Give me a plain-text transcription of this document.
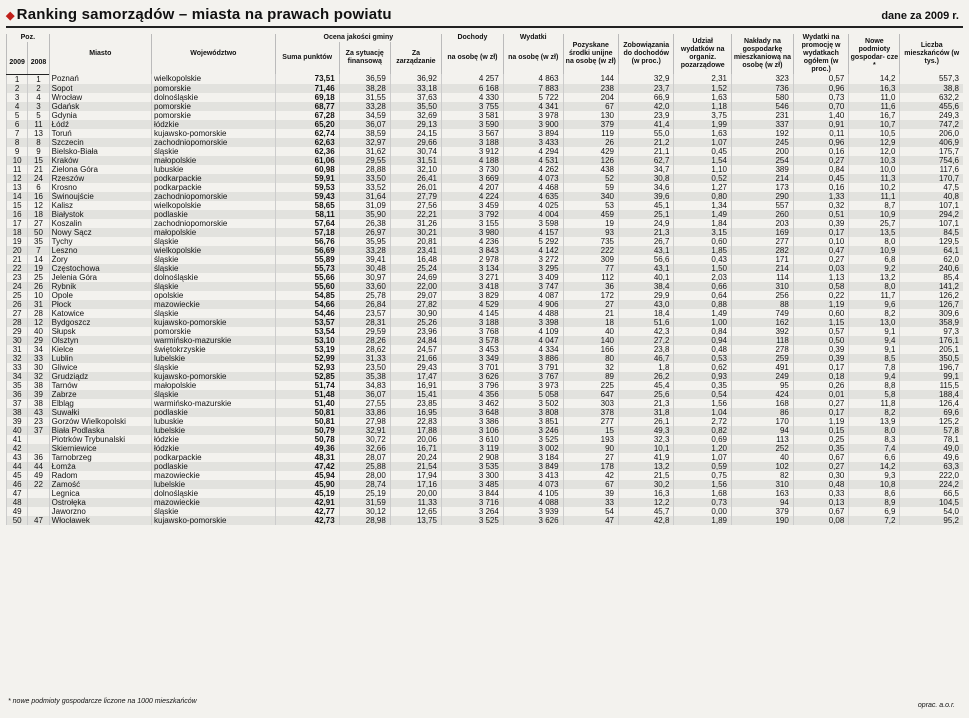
◆ Ranking samorządów – miasta na prawach powiatu	dane za 2009 r.
Poz.		Miasto	Województwo	Ocena jakości gminy			Dochody	Wydatki	Pozyskane środki unijne na osobę (w zł)	Zobowiązania do dochodów (w proc.)	Udział wydatków na organiz. pozarządowe	Nakłady na gospodarkę mieszkaniową na osobę (w zł)	Wydatki na promocję w wydatkach ogółem (w proc.)	Nowe podmioty gospodar- cze *	Liczba mieszkańców (w tys.)
				Suma punktów	Za sytuację finansową	Za zarządzanie	na osobę (w zł)	na osobę (w zł)							
2009	2008														
1	1	Poznań	wielkopolskie	73,51	36,59	36,92	4 257	4 863	144	32,9	2,31	323	0,57	14,2	557,3
2	2	Sopot	pomorskie	71,46	38,28	33,18	6 168	7 883	238	23,7	1,52	736	0,96	16,3	38,8
3	4	Wrocław	dolnośląskie	69,18	31,55	37,63	4 330	5 722	204	66,9	1,63	580	0,73	11,0	632,2
4	3	Gdańsk	pomorskie	68,77	33,28	35,50	3 755	4 341	67	42,0	1,18	546	0,70	11,6	455,6
5	5	Gdynia	pomorskie	67,28	34,59	32,69	3 581	3 978	130	23,9	3,75	231	1,40	16,7	249,3
6	11	Łódź	łódzkie	65,20	36,07	29,13	3 590	3 900	379	41,4	1,99	337	0,91	10,7	747,2
7	13	Toruń	kujawsko-pomorskie	62,74	38,59	24,15	3 567	3 894	119	55,0	1,63	192	0,11	10,5	206,0
8	8	Szczecin	zachodniopomorskie	62,63	32,97	29,66	3 188	3 433	26	21,2	1,07	245	0,96	12,9	406,9
9	9	Bielsko-Biała	śląskie	62,36	31,62	30,74	3 912	4 294	429	21,1	0,45	200	0,16	12,0	175,7
10	15	Kraków	małopolskie	61,06	29,55	31,51	4 188	4 531	126	62,7	1,54	254	0,27	10,3	754,6
11	21	Zielona Góra	lubuskie	60,98	28,88	32,10	3 730	4 262	438	34,7	1,10	389	0,84	10,0	117,6
12	24	Rzeszów	podkarpackie	59,91	33,50	26,41	3 669	4 073	52	30,8	0,52	214	0,45	11,3	170,7
13	6	Krosno	podkarpackie	59,53	33,52	26,01	4 207	4 468	59	34,6	1,27	173	0,16	10,2	47,5
14	16	Świnoujście	zachodniopomorskie	59,43	31,64	27,79	4 224	4 635	340	39,6	0,80	290	1,33	11,1	40,8
15	12	Kalisz	wielkopolskie	58,65	31,09	27,56	3 459	4 025	53	45,1	1,34	557	0,32	8,7	107,1
16	18	Białystok	podlaskie	58,11	35,90	22,21	3 792	4 004	459	25,1	1,49	260	0,51	10,9	294,2
17	27	Koszalin	zachodniopomorskie	57,64	26,38	31,26	3 155	3 598	19	24,9	1,84	203	0,39	25,7	107,1
18	50	Nowy Sącz	małopolskie	57,18	26,97	30,21	3 980	4 157	93	21,3	3,15	169	0,17	13,5	84,5
19	35	Tychy	śląskie	56,76	35,95	20,81	4 236	5 292	735	26,7	0,60	277	0,10	8,0	129,5
20	7	Leszno	wielkopolskie	56,69	33,28	23,41	3 843	4 142	222	43,1	1,85	282	0,47	10,9	64,1
21	14	Żory	śląskie	55,89	39,41	16,48	2 978	3 272	309	56,6	0,43	171	0,27	6,8	62,0
22	19	Częstochowa	śląskie	55,73	30,48	25,24	3 134	3 295	77	43,1	1,50	214	0,03	9,2	240,6
23	25	Jelenia Góra	dolnośląskie	55,66	30,97	24,69	3 271	3 409	112	40,1	2,03	114	1,13	13,2	85,4
24	26	Rybnik	śląskie	55,60	33,60	22,00	3 418	3 747	36	38,4	0,66	310	0,58	8,0	141,2
25	10	Opole	opolskie	54,85	25,78	29,07	3 829	4 087	172	29,9	0,64	256	0,22	11,7	126,2
26	31	Płock	mazowieckie	54,66	26,84	27,82	4 529	4 906	27	43,0	0,88	88	1,19	9,6	126,7
27	28	Katowice	śląskie	54,46	23,57	30,90	4 145	4 488	21	18,4	1,49	749	0,60	8,2	309,6
28	12	Bydgoszcz	kujawsko-pomorskie	53,57	28,31	25,26	3 188	3 398	18	51,6	1,00	162	1,15	13,0	358,9
29	40	Słupsk	pomorskie	53,54	29,59	23,96	3 768	4 109	40	42,3	0,84	392	0,57	9,1	97,3
30	29	Olsztyn	warmińsko-mazurskie	53,10	28,26	24,84	3 578	4 047	140	27,2	0,94	118	0,50	9,4	176,1
31	34	Kielce	świętokrzyskie	53,19	28,62	24,57	3 453	4 334	166	23,8	0,48	278	0,39	9,1	205,1
32	33	Lublin	lubelskie	52,99	31,33	21,66	3 349	3 886	80	46,7	0,53	259	0,39	8,5	350,5
33	30	Gliwice	śląskie	52,93	23,50	29,43	3 701	3 791	32	1,8	0,62	491	0,17	7,8	196,7
34	32	Grudziądz	kujawsko-pomorskie	52,85	35,38	17,47	3 626	3 767	89	26,2	0,93	249	0,18	9,4	99,1
35	38	Tarnów	małopolskie	51,74	34,83	16,91	3 796	3 973	225	45,4	0,35	95	0,26	8,8	115,5
36	39	Zabrze	śląskie	51,48	36,07	15,41	4 356	5 058	647	25,6	0,54	424	0,01	5,8	188,4
37	38	Elbląg	warmińsko-mazurskie	51,40	27,55	23,85	3 462	3 502	303	21,3	1,56	168	0,27	11,8	126,4
38	43	Suwałki	podlaskie	50,81	33,86	16,95	3 648	3 808	378	31,8	1,04	86	0,17	8,2	69,6
39	23	Gorzów Wielkopolski	lubuskie	50,81	27,98	22,83	3 386	3 851	277	26,1	2,72	170	1,19	13,9	125,2
40	37	Biała Podlaska	lubelskie	50,79	32,91	17,88	3 106	3 246	15	49,3	0,82	94	0,15	8,0	57,8
41		Piotrków Trybunalski	łódzkie	50,78	30,72	20,06	3 610	3 525	193	32,3	0,69	113	0,25	8,3	78,1
42		Skierniewice	łódzkie	49,36	32,66	16,71	3 119	3 002	90	10,1	1,20	252	0,35	7,4	49,0
43	36	Tarnobrzeg	podkarpackie	48,31	28,07	20,24	2 908	3 184	27	41,9	1,07	40	0,67	6,6	49,6
44	44	Łomża	podlaskie	47,42	25,88	21,54	3 535	3 849	178	13,2	0,59	102	0,27	14,2	63,3
45	49	Radom	mazowieckie	45,94	28,00	17,94	3 300	3 413	42	21,5	0,75	82	0,30	9,3	222,0
46	22	Zamość	lubelskie	45,90	28,74	17,16	3 485	4 073	67	30,2	1,56	310	0,48	10,8	224,2
47		Legnica	dolnośląskie	45,19	25,19	20,00	3 844	4 105	39	16,3	1,68	163	0,33	8,6	66,5
48		Ostrołęka	mazowieckie	42,91	31,59	11,33	3 716	4 088	33	12,2	0,73	94	0,13	8,9	104,5
49		Jaworzno	śląskie	42,77	30,12	12,65	3 264	3 939	54	45,7	0,00	379	0,67	6,9	54,0
50	47	Włocławek	kujawsko-pomorskie	42,73	28,98	13,75	3 525	3 626	47	42,8	1,89	190	0,08	7,2	95,2
* nowe podmioty gospodarcze liczone na 1000 mieszkańców
oprac. a.o.r.
